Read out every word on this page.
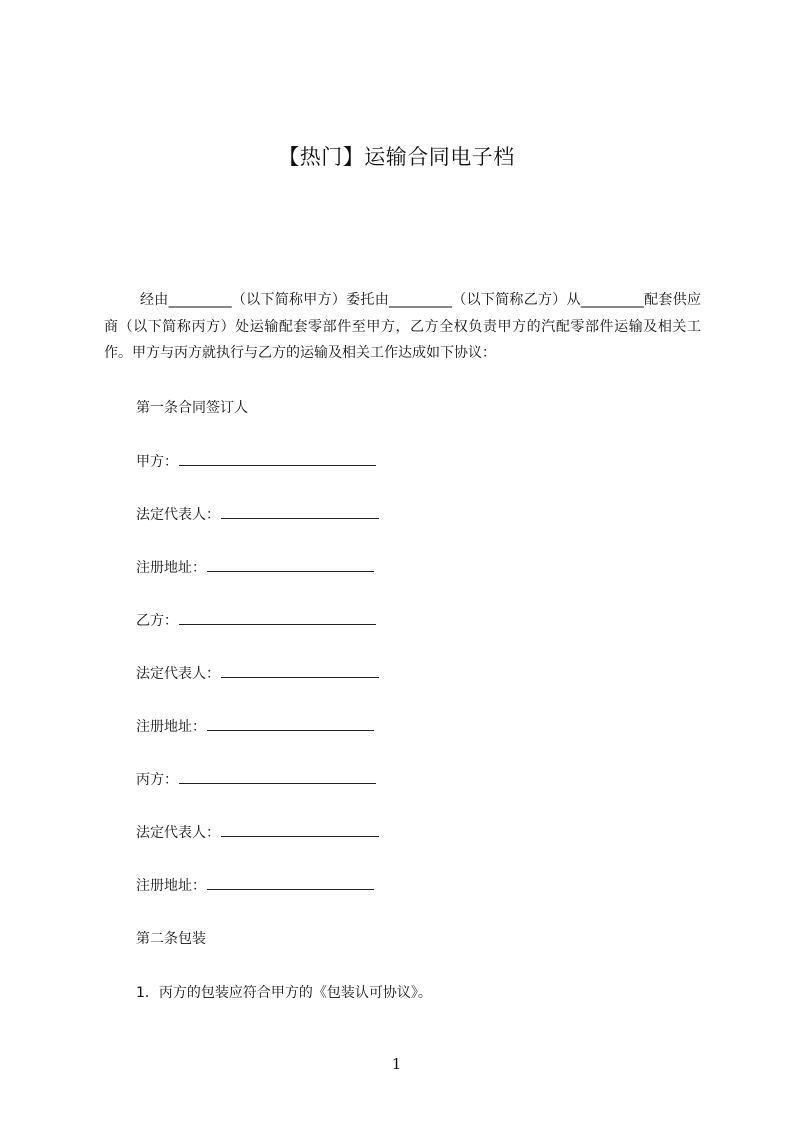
【热门】运输合同电子档
经由_________（以下简称甲方）委托由_________（以下简称乙方）从_________配套供应商（以下简称丙方）处运输配套零部件至甲方，乙方全权负责甲方的汽配零部件运输及相关工作。甲方与丙方就执行与乙方的运输及相关工作达成如下协议：
第一条合同签订人
甲方：
法定代表人：
注册地址：
乙方：
法定代表人：
注册地址：
丙方：
法定代表人：
注册地址：
第二条包装
1．丙方的包装应符合甲方的《包装认可协议》。
1
